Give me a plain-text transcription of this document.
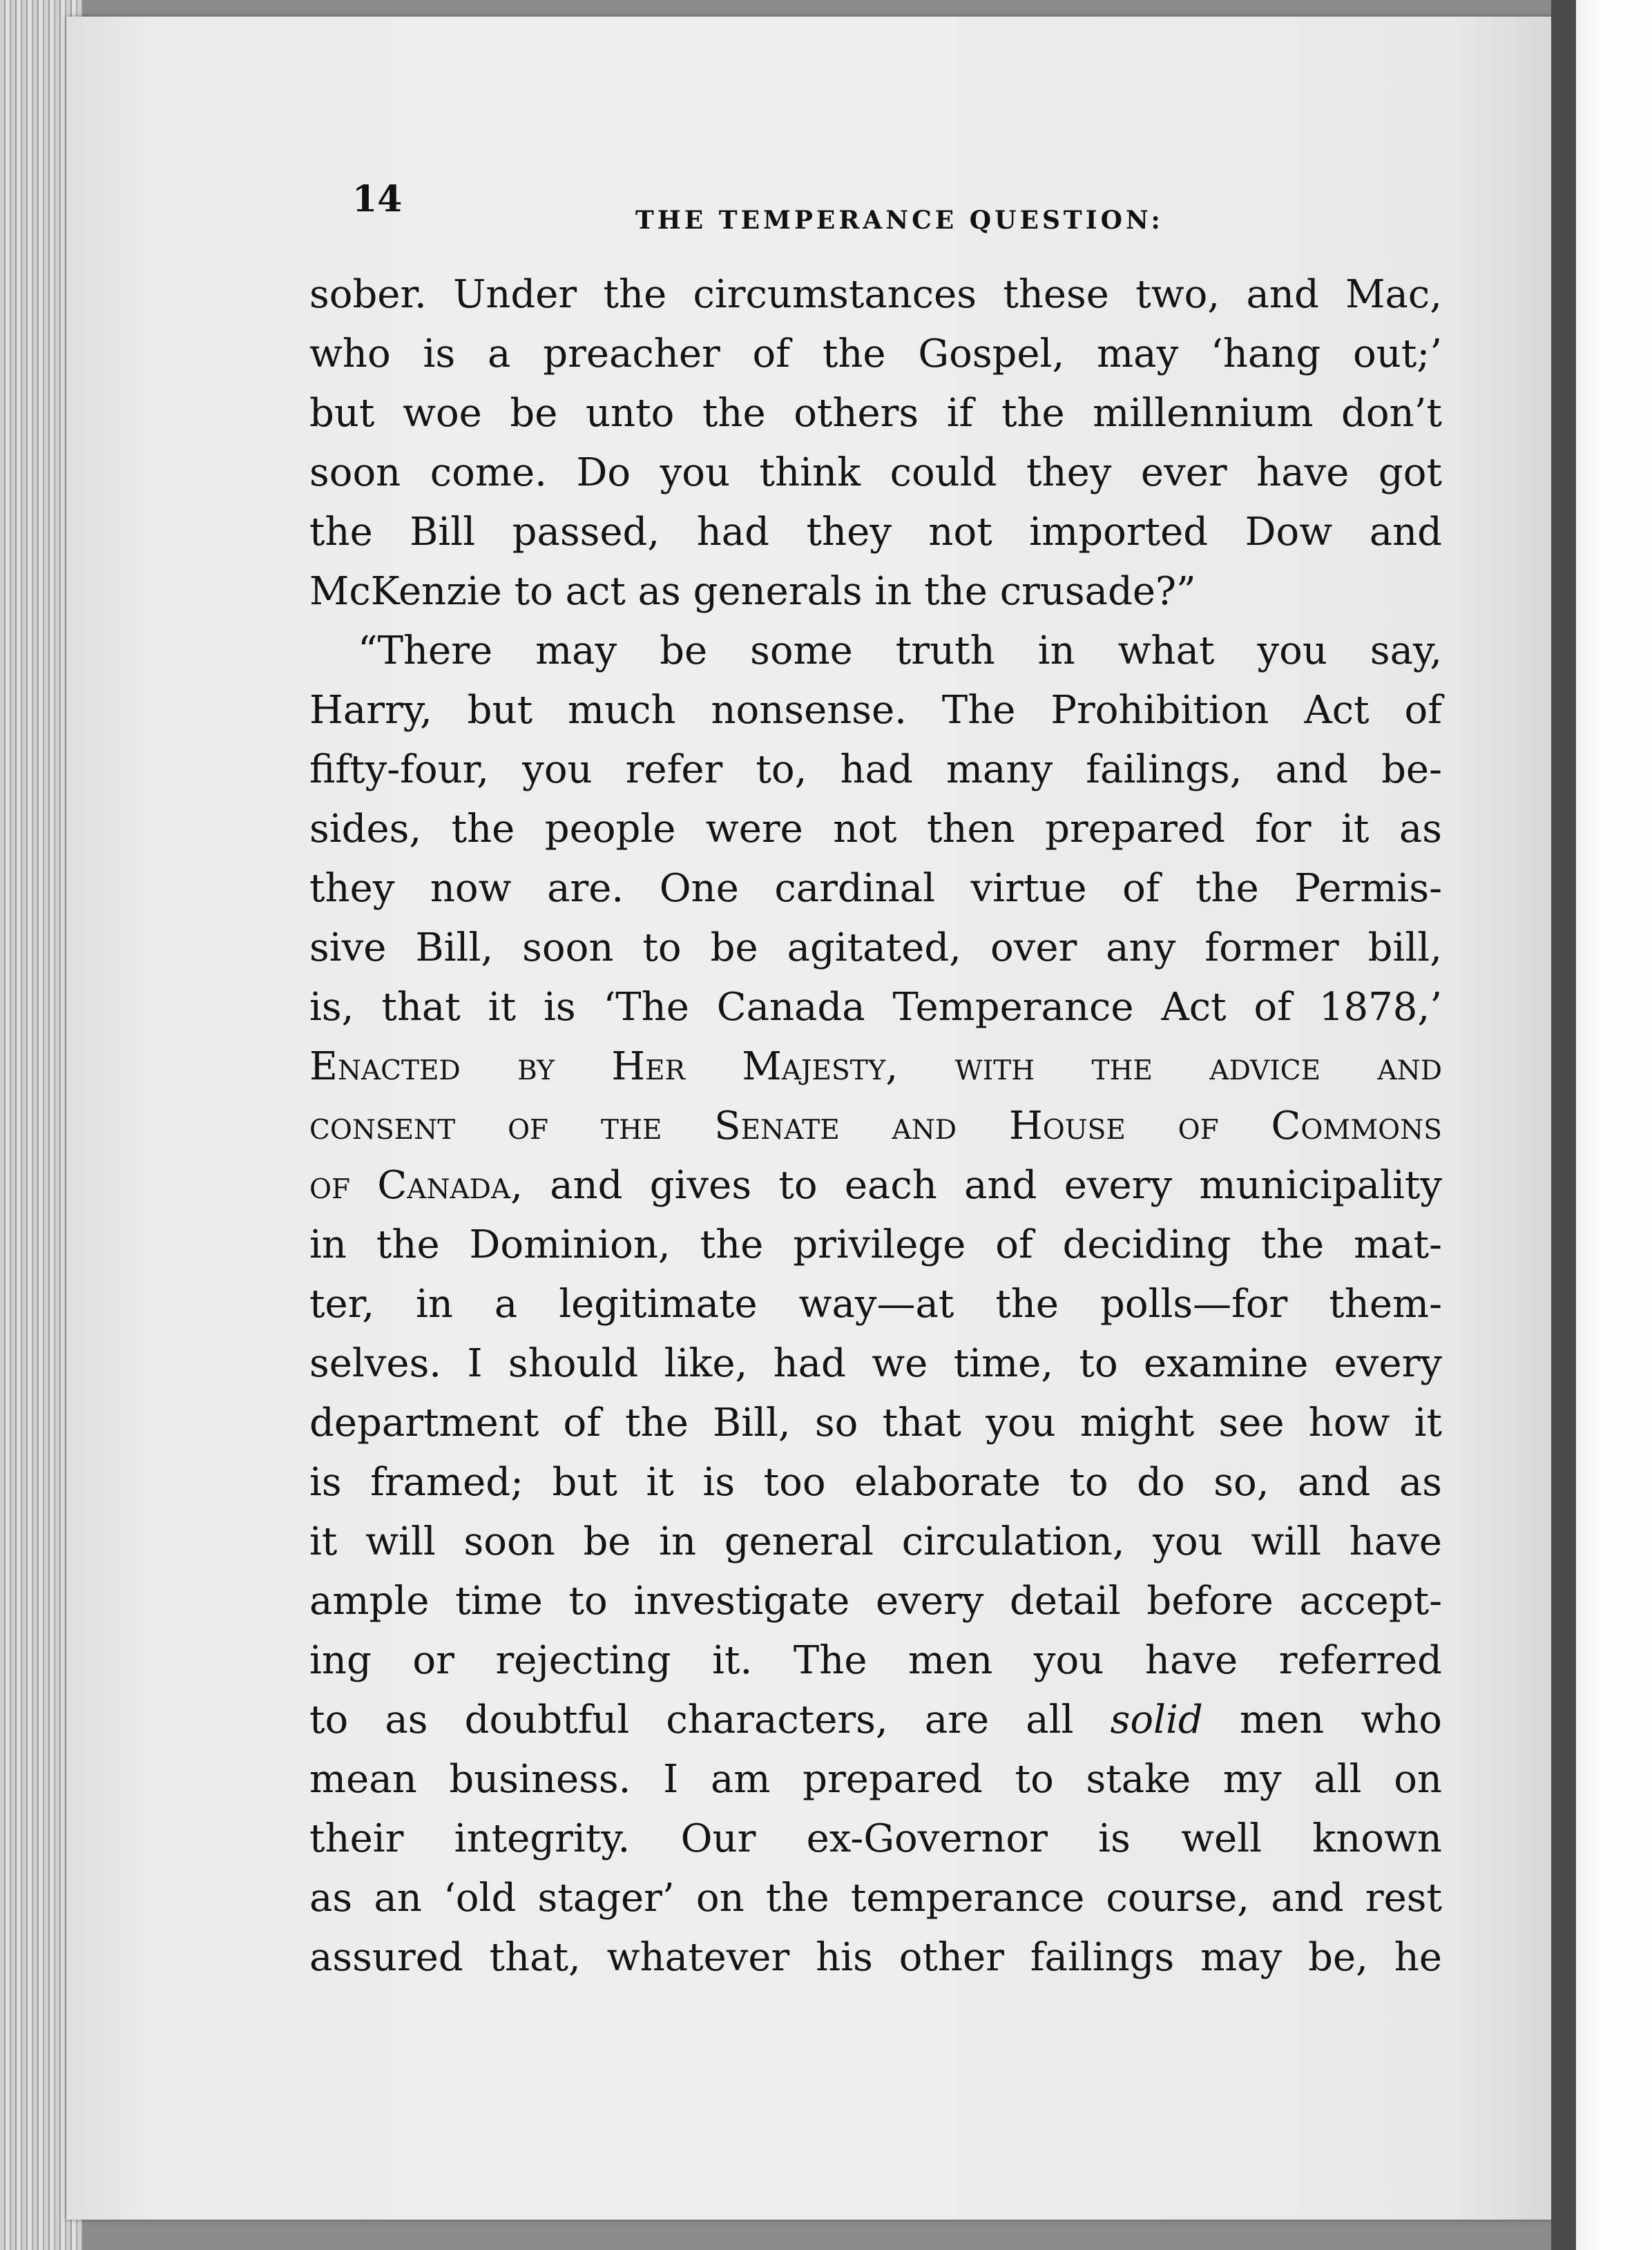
14	THE TEMPERANCE QUESTION:
sober. Under the circumstances these two, and Mac,
who is a preacher of the Gospel, may ‘hang out;’
but woe be unto the others if the millennium don’t
soon come. Do you think could they ever have got
the Bill passed, had they not imported Dow and
McKenzie to act as generals in the crusade?”
“There may be some truth in what you say,
Harry, but much nonsense. The Prohibition Act of
fifty-four, you refer to, had many failings, and be-
sides, the people were not then prepared for it as
they now are. One cardinal virtue of the Permis-
sive Bill, soon to be agitated, over any former bill,
is, that it is ‘The Canada Temperance Act of 1878,’
Enacted by Her Majesty, with the advice and
consent of the Senate and House of Commons
of Canada, and gives to each and every municipality
in the Dominion, the privilege of deciding the mat-
ter, in a legitimate way—at the polls—for them-
selves. I should like, had we time, to examine every
department of the Bill, so that you might see how it
is framed; but it is too elaborate to do so, and as
it will soon be in general circulation, you will have
ample time to investigate every detail before accept-
ing or rejecting it. The men you have referred
to as doubtful characters, are all solid men who
mean business. I am prepared to stake my all on
their integrity. Our ex-Governor is well known
as an ‘old stager’ on the temperance course, and rest
assured that, whatever his other failings may be, he
